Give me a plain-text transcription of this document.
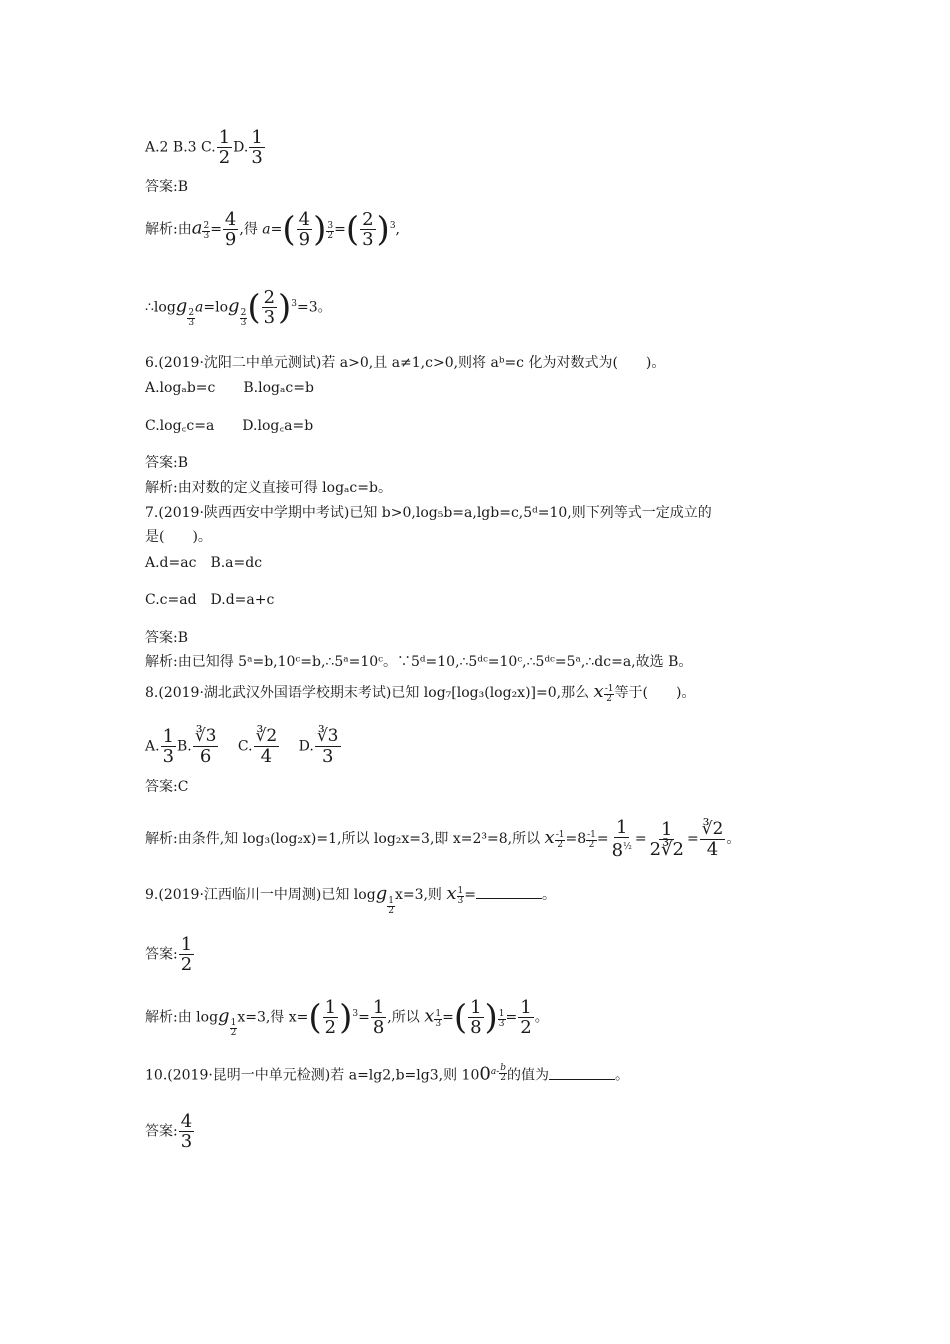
A.2 B.3 C. $\frac{1}{2} D$. $\frac{1}{3}$
答案:B
解析:由a $\frac{2}{3} = \frac{4}{9}$ ,得 $a=( \frac{4}{9}$ ) $\frac{3}{2}$ =( $\frac{2}{3} )^3$,
∴logg
$_{\frac{2}{3}}$
a=log
$_{\frac{2}{3}}$ ( $\frac{2}{3} )^3=3$。
6.(2019·沈阳二中单元测试)若 a>0,且 a≠1,c>0,则将 aᵇ=c 化为对数式为(　　)。
A.logₐb=c　　 B.logₐc=b
C.log꜀c=a　　 D.log꜀a=b
答案:B
解析:由对数的定义直接可得 logₐc=b。
7.(2019·陕西西安中学期中考试)已知 b>0,log₅b=a,lgb=c,5ᵈ=10,则下列等式一定成立的
是(　　)。
A.d=ac　B.a=dc
C.c=ad　D.d=a+c
答案:B
解析:由已知得 5ᵃ=b,10ᶜ=b,∴5ᵃ=10ᶜ。∵5ᵈ=10,∴5ᵈᶜ=10ᶜ,∴5ᵈᶜ=5ᵃ,∴dc=a,故选 B。
8.(2019·湖北武汉外国语学校期末考试)已知 log₇[log₃(log₂x)]=0,那么 x $\frac{-1}{2}$ 等于(　　)。
A. $\frac{1}{3} B$. $\frac{∛3}{6}$
　 C. $\frac{∛2}{4}$
　 D. $\frac{∛3}{3}$
答案:C
解析:由条件,知 log₃(log₂x)=1,所以 log₂x=3,即 x=2³=8,所以 x $\frac{-1}{2} =8 \frac{-1}{2} = \frac{1}{8^{\frac{1}{2}}} = \frac{1}{2∛2} = \frac{∛2}{4}$ 。
9.(2019·江西临川一中周测)已知 logg
$_{\frac{1}{2}}$
x=3,则 x $\frac{1}{3}$ =	。
答案: $\frac{1}{2}$
解析:由 logg
$_{\frac{1}{2}}$
x=3,得 $x=( \frac{1}{2} )^3= \frac{1}{8}$ ,所以 x $\frac{1}{3}$ =( $\frac{1}{8}$ ) $\frac{1}{3} = \frac{1}{2}$ 。
10.(2019·昆明一中单元检测)若 a=lg2,b=lg3,则 $100^{a- \frac{b}{2}}$ 的值为	。
答案: $\frac{4}{3}$
